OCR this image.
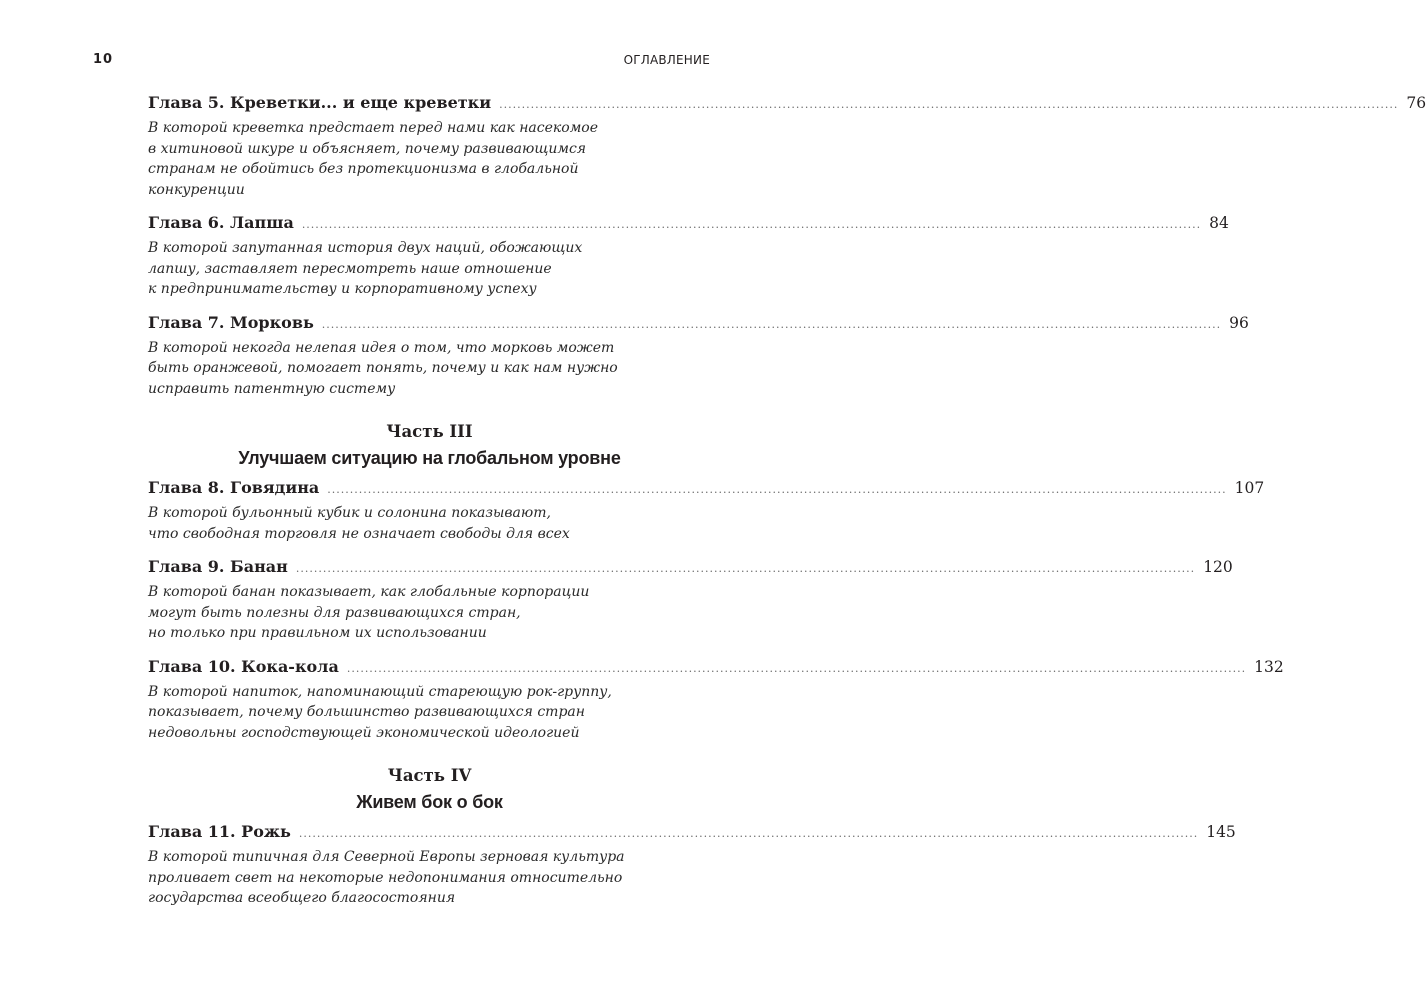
10	ОГЛАВЛЕНИЕ
Глава 5. Креветки... и еще креветки ........................................................................................................................................................................................................ 76
В которой креветка предстает перед нами как насекомое
в хитиновой шкуре и объясняет, почему развивающимся
странам не обойтись без протекционизма в глобальной
конкуренции
Глава 6. Лапша ........................................................................................................................................................................................................ 84
В которой запутанная история двух наций, обожающих
лапшу, заставляет пересмотреть наше отношение
к предпринимательству и корпоративному успеху
Глава 7. Морковь ........................................................................................................................................................................................................ 96
В которой некогда нелепая идея о том, что морковь может
быть оранжевой, помогает понять, почему и как нам нужно
исправить патентную систему
Часть III
Улучшаем ситуацию на глобальном уровне
Глава 8. Говядина ........................................................................................................................................................................................................ 107
В которой бульонный кубик и солонина показывают,
что свободная торговля не означает свободы для всех
Глава 9. Банан ........................................................................................................................................................................................................ 120
В которой банан показывает, как глобальные корпорации
могут быть полезны для развивающихся стран,
но только при правильном их использовании
Глава 10. Кока-кола ........................................................................................................................................................................................................ 132
В которой напиток, напоминающий стареющую рок-группу,
показывает, почему большинство развивающихся стран
недовольны господствующей экономической идеологией
Часть IV
Живем бок о бок
Глава 11. Рожь ........................................................................................................................................................................................................ 145
В которой типичная для Северной Европы зерновая культура
проливает свет на некоторые недопонимания относительно
государства всеобщего благосостояния
